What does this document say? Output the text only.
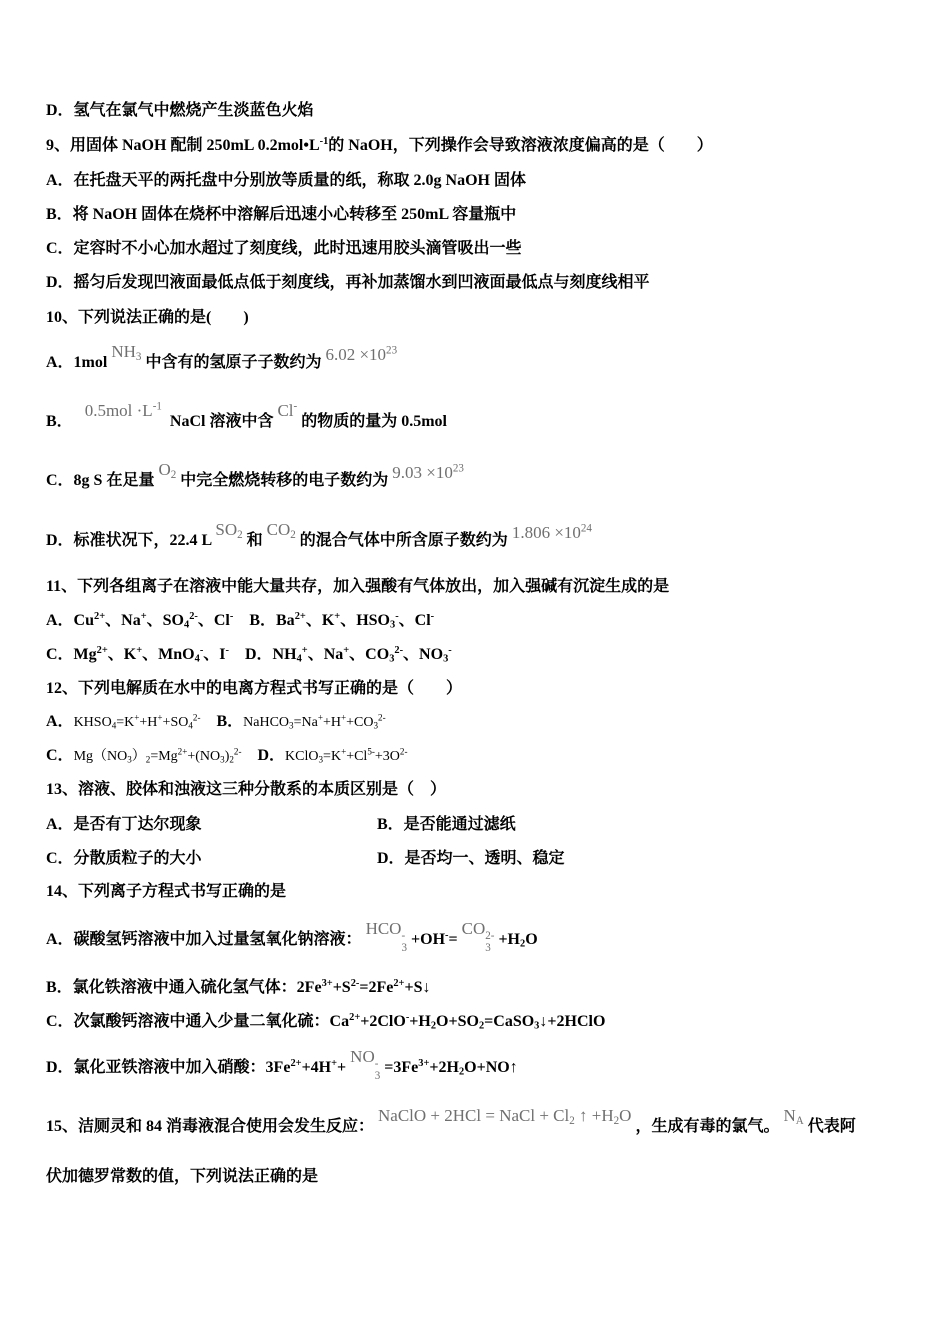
D．氢气在氯气中燃烧产生淡蓝色火焰
9、用固体 NaOH 配制 250mL $0.2mol•L^{-1}$的 NaOH，下列操作会导致溶液浓度偏高的是（　　）
A．在托盘天平的两托盘中分别放等质量的纸，称取 2.0g NaOH 固体
B．将 NaOH 固体在烧杯中溶解后迅速小心转移至 250mL 容量瓶中
C．定容时不小心加水超过了刻度线，此时迅速用胶头滴管吸出一些
D．摇匀后发现凹液面最低点低于刻度线，再补加蒸馏水到凹液面最低点与刻度线相平
10、下列说法正确的是(　　)
A．1mol $NH_3$ 中含有的氢原子子数约为 $6.02 \times 10^{23}$
B． $0.5mol \cdot L^{-1}$ NaCl 溶液中含 Cl- 的物质的量为 0.5mol
C．8g S 在足量 $O_2$ 中完全燃烧转移的电子数约为 $9.03 \times 10^{23}$
D．标准状况下，22.4 L $SO_2$ 和 $CO_2$ 的混合气体中所含原子数约为 $1.806 \times 10^{24}$
11、下列各组离子在溶液中能大量共存，加入强酸有气体放出，加入强碱有沉淀生成的是
A．$Cu^{2+}$、Na+、$SO_4^{2-}$、Cl- B．$Ba^{2+}$、K+、$HSO_3^-$、Cl-
C．$Mg^{2+}$、K+、MnO$_4$-、I- D．$NH_4^+$、Na+、$CO_3^{2-}$、$NO_3^-$
12、下列电解质在水中的电离方程式书写正确的是（　　）
A．$KHSO_4=K^++H^++SO_4^{2-}$ B．$NaHCO_3=Na^++H^++CO_3^{2-}$
C．$Mg(NO_3)_2=Mg^{2+}+(NO_3)_2^{2-}$ D．$KClO_3=K^++Cl^{5-}+3O^{2-}$
13、溶液、胶体和浊液这三种分散系的本质区别是（　）
A．是否有丁达尔现象	B．是否能通过滤纸
C．分散质粒子的大小	D．是否均一、透明、稳定
14、下列离子方程式书写正确的是
A．碳酸氢钙溶液中加入过量氢氧化钠溶液： HCO -
3 +OH-= CO 2-
$3 +H_2O$
B．氯化铁溶液中通入硫化氢气体：$2Fe^{3+}+S^{2-}=2Fe^{2+}+S↓$
C．次氯酸钙溶液中通入少量二氧化硫：$Ca^{2+}+2ClO^-+H_2O+SO_2=CaSO_3↓+2HClO$
D．氯化亚铁溶液中加入硝酸：$3Fe^{2+}+4H^++$ NO -
$3 =3Fe^{3+}+2H_2O+NO↑$
15、洁厕灵和 84 消毒液混合使用会发生反应： NaClO + 2HCl = NaCl + $Cl_2$ ↑ $+H_2O$ ，生成有毒的氯气。 $N_A$ 代表阿
伏加德罗常数的值，下列说法正确的是
